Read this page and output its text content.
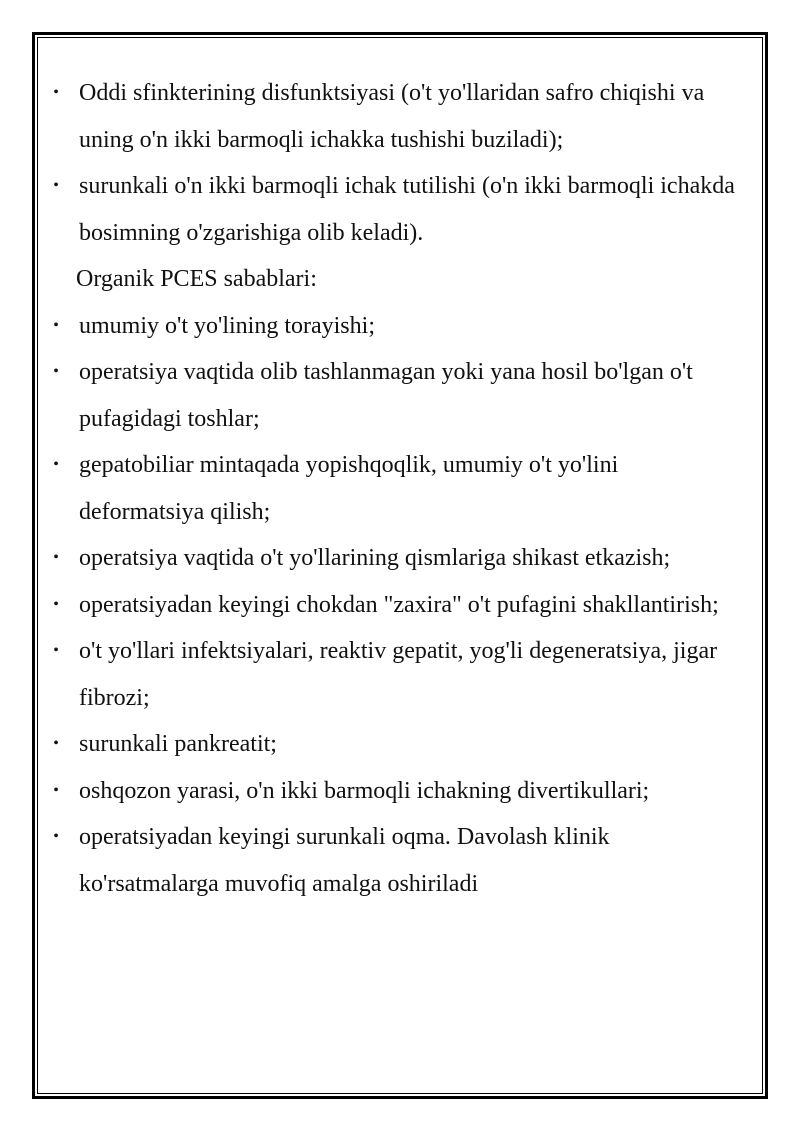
• Oddi sfinkterining disfunktsiyasi (o't yo'llaridan safro chiqishi va uning o'n ikki barmoqli ichakka tushishi buziladi);
• surunkali o'n ikki barmoqli ichak tutilishi (o'n ikki barmoqli ichakda bosimning o'zgarishiga olib keladi).
Organik PCES sabablari:
• umumiy o't yo'lining torayishi;
• operatsiya vaqtida olib tashlanmagan yoki yana hosil bo'lgan o't pufagidagi toshlar;
• gepatobiliar mintaqada yopishqoqlik, umumiy o't yo'lini deformatsiya qilish;
• operatsiya vaqtida o't yo'llarining qismlariga shikast etkazish;
• operatsiyadan keyingi chokdan "zaxira" o't pufagini shakllantirish;
• o't yo'llari infektsiyalari, reaktiv gepatit, yog'li degeneratsiya, jigar fibrozi;
• surunkali pankreatit;
• oshqozon yarasi, o'n ikki barmoqli ichakning divertikullari;
• operatsiyadan keyingi surunkali oqma. Davolash klinik ko'rsatmalarga muvofiq amalga oshiriladi
